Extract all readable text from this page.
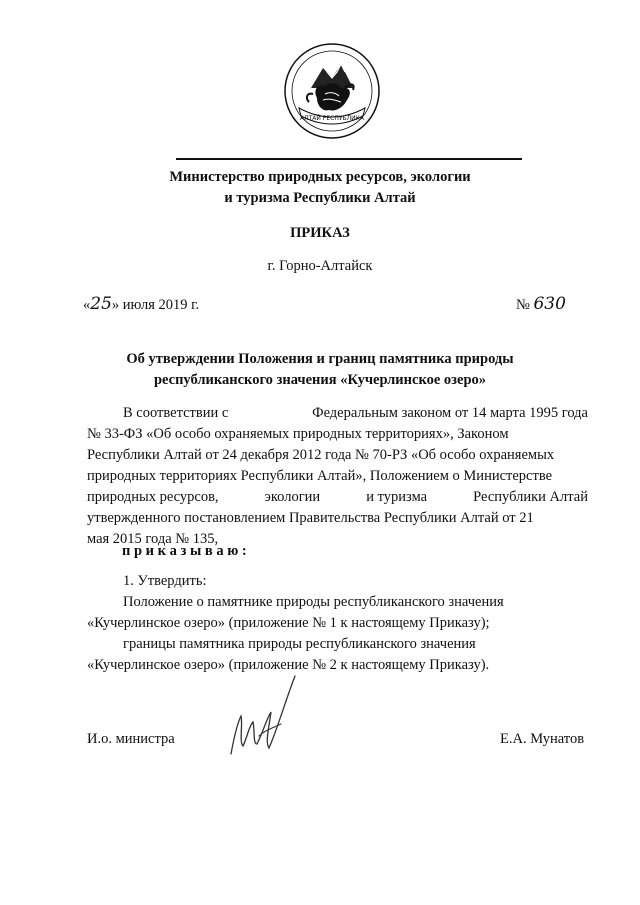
АЛТАЙ РЕСПУБЛИКА
Министерство природных ресурсов, экологии
и туризма Республики Алтай
ПРИКАЗ
г. Горно-Алтайск
«25» июля 2019 г.	№ 630
Об утверждении Положения и границ памятника природы
республиканского значения «Кучерлинское озеро»
В соответствии с	Федеральным законом от 14 марта 1995 года
№ 33-ФЗ «Об особо охраняемых природных территориях», Законом
Республики Алтай от 24 декабря 2012 года № 70-РЗ «Об особо охраняемых
природных территориях Республики Алтай», Положением о Министерстве
природных ресурсов,	экологии	и туризма	Республики Алтай
утвержденного постановлением Правительства Республики Алтай от 21
мая 2015 года № 135,
п р и к а з ы в а ю :
1. Утвердить:
Положение о памятнике природы республиканского значения
«Кучерлинское озеро» (приложение № 1 к настоящему Приказу);
границы памятника природы республиканского значения
«Кучерлинское озеро» (приложение № 2 к настоящему Приказу).
И.о. министра	Е.А. Мунатов
